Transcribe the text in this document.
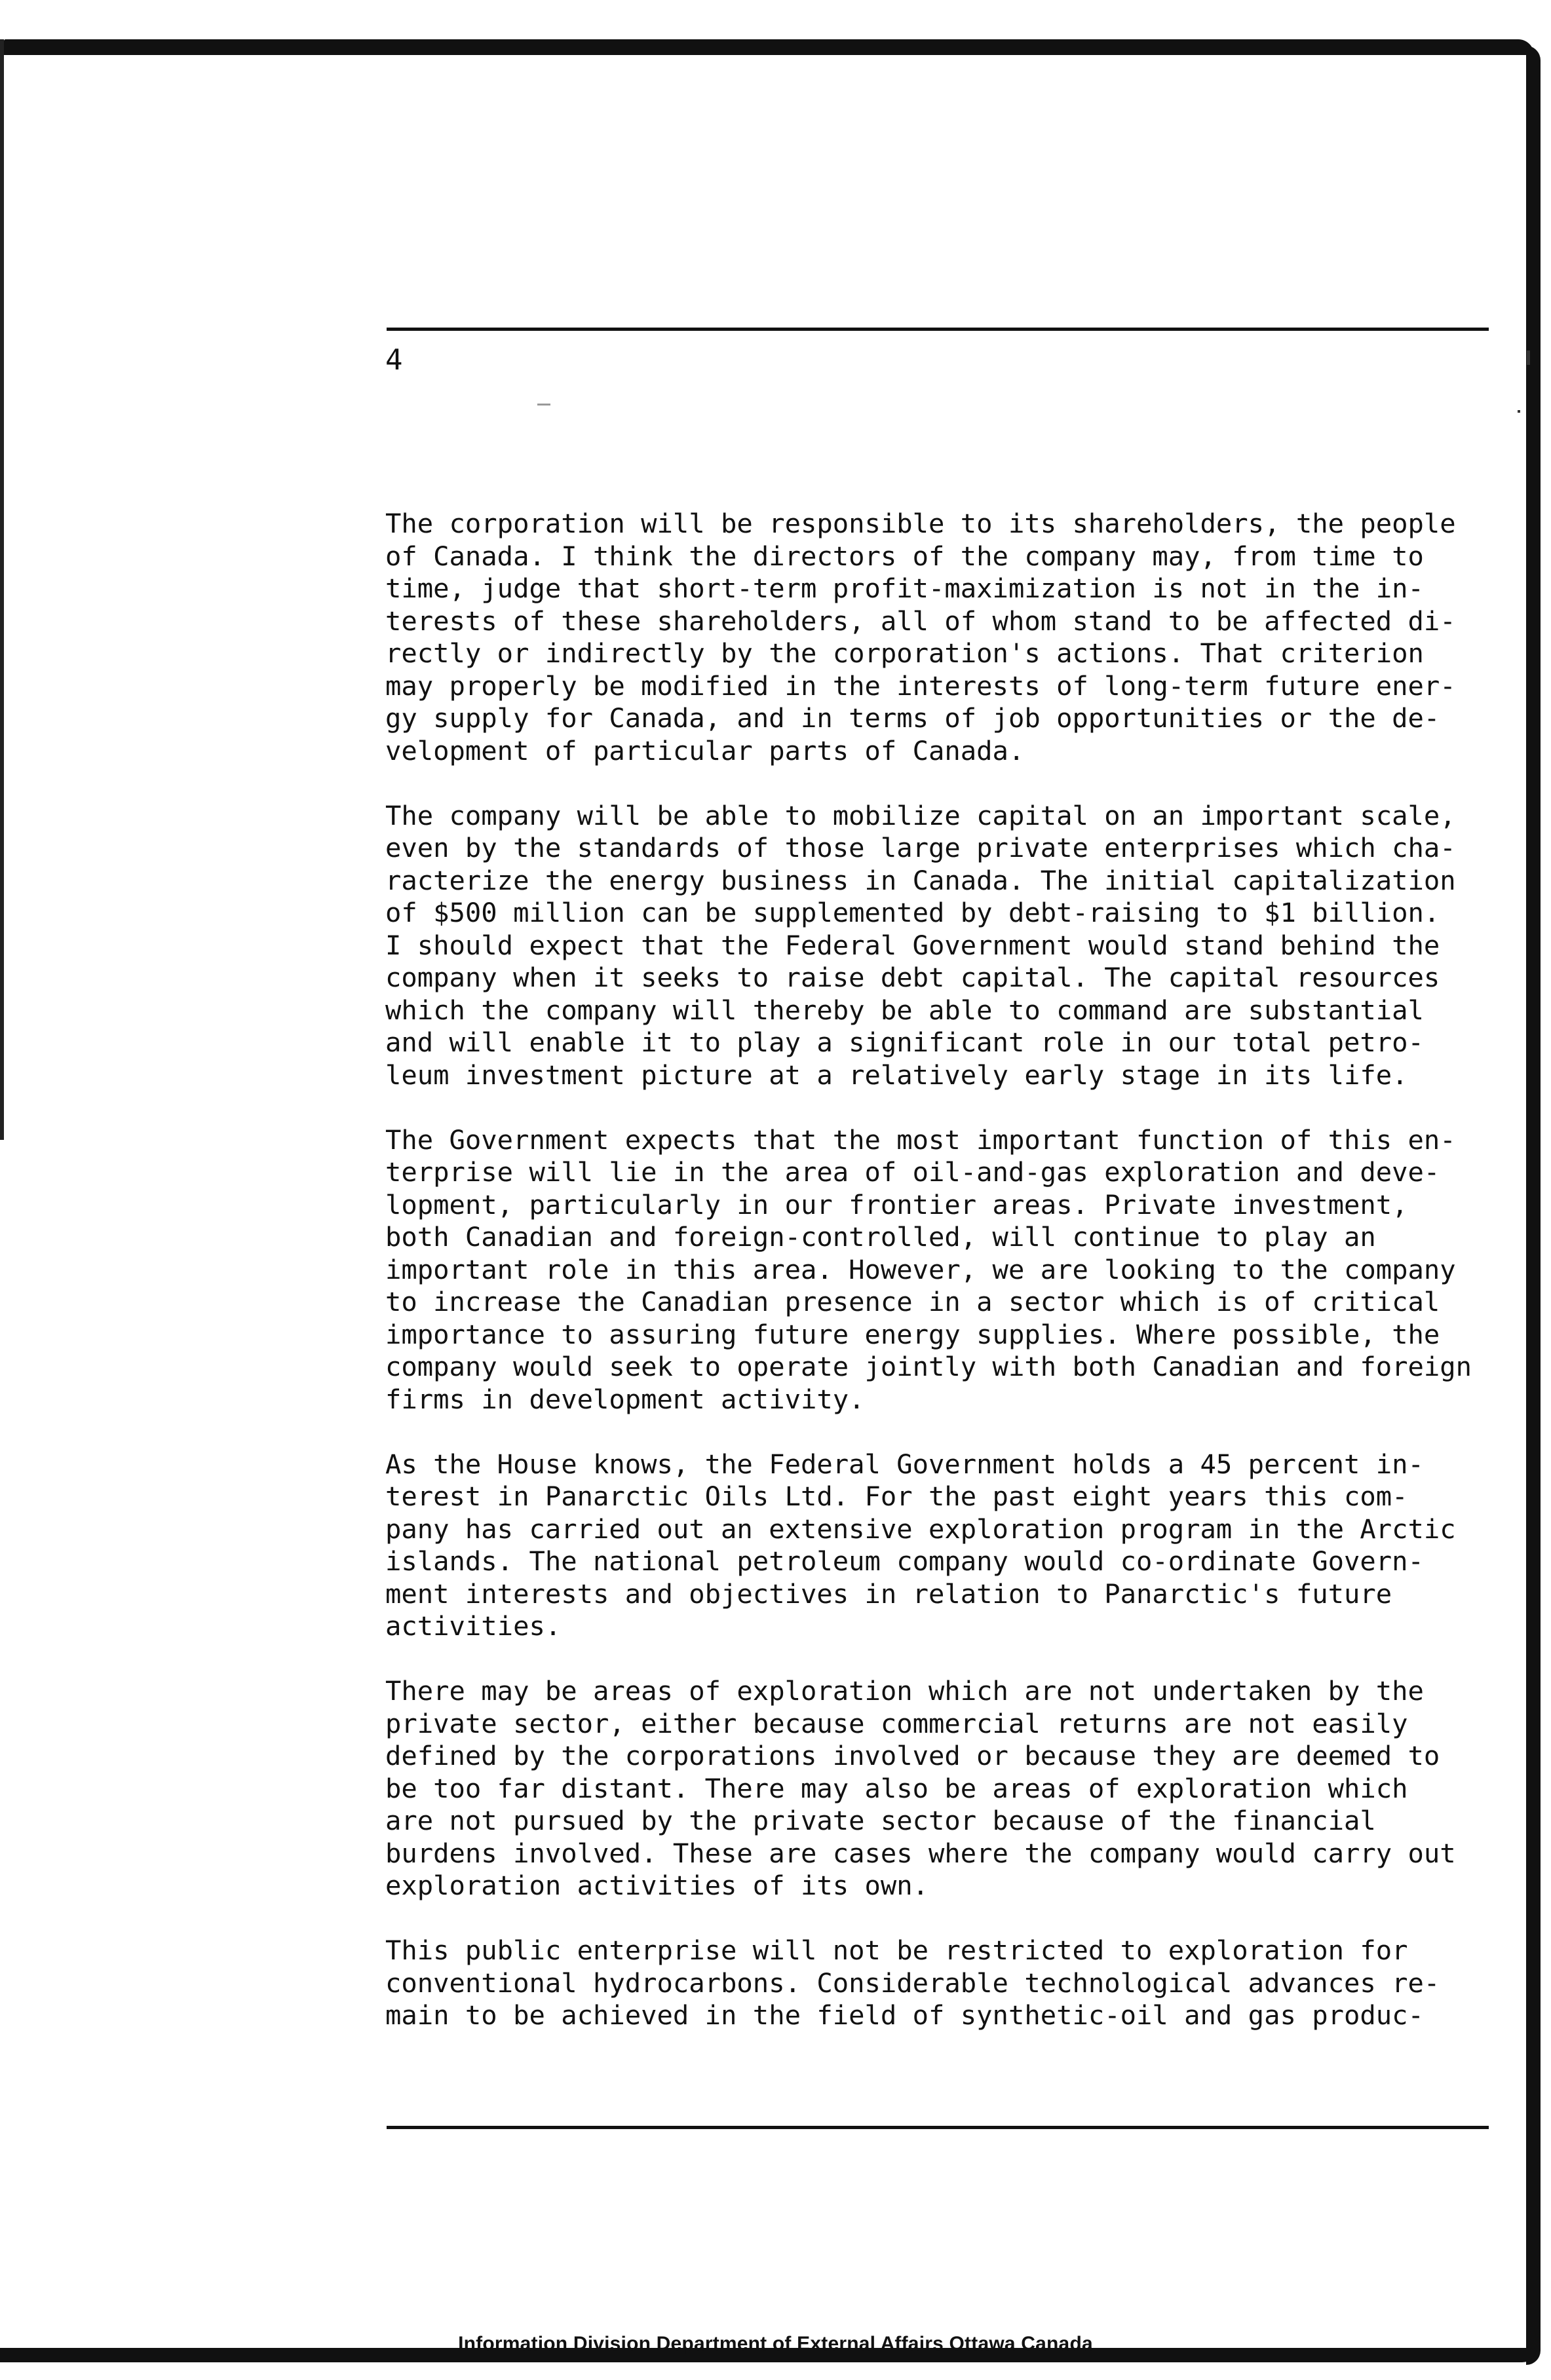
4

The corporation will be responsible to its shareholders, the people
of Canada. I think the directors of the company may, from time to
time, judge that short-term profit-maximization is not in the in-
terests of these shareholders, all of whom stand to be affected di-
rectly or indirectly by the corporation's actions. That criterion
may properly be modified in the interests of long-term future ener-
gy supply for Canada, and in terms of job opportunities or the de-
velopment of particular parts of Canada.

The company will be able to mobilize capital on an important scale,
even by the standards of those large private enterprises which cha-
racterize the energy business in Canada. The initial capitalization
of $500 million can be supplemented by debt-raising to $1 billion.
I should expect that the Federal Government would stand behind the
company when it seeks to raise debt capital. The capital resources
which the company will thereby be able to command are substantial
and will enable it to play a significant role in our total petro-
leum investment picture at a relatively early stage in its life.

The Government expects that the most important function of this en-
terprise will lie in the area of oil-and-gas exploration and deve-
lopment, particularly in our frontier areas. Private investment,
both Canadian and foreign-controlled, will continue to play an
important role in this area. However, we are looking to the company
to increase the Canadian presence in a sector which is of critical
importance to assuring future energy supplies. Where possible, the
company would seek to operate jointly with both Canadian and foreign
firms in development activity.

As the House knows, the Federal Government holds a 45 percent in-
terest in Panarctic Oils Ltd. For the past eight years this com-
pany has carried out an extensive exploration program in the Arctic
islands. The national petroleum company would co-ordinate Govern-
ment interests and objectives in relation to Panarctic's future
activities.

There may be areas of exploration which are not undertaken by the
private sector, either because commercial returns are not easily
defined by the corporations involved or because they are deemed to
be too far distant. There may also be areas of exploration which
are not pursued by the private sector because of the financial
burdens involved. These are cases where the company would carry out
exploration activities of its own.

This public enterprise will not be restricted to exploration for
conventional hydrocarbons. Considerable technological advances re-
main to be achieved in the field of synthetic-oil and gas produc-

Information Division Department of External Affairs Ottawa Canada
